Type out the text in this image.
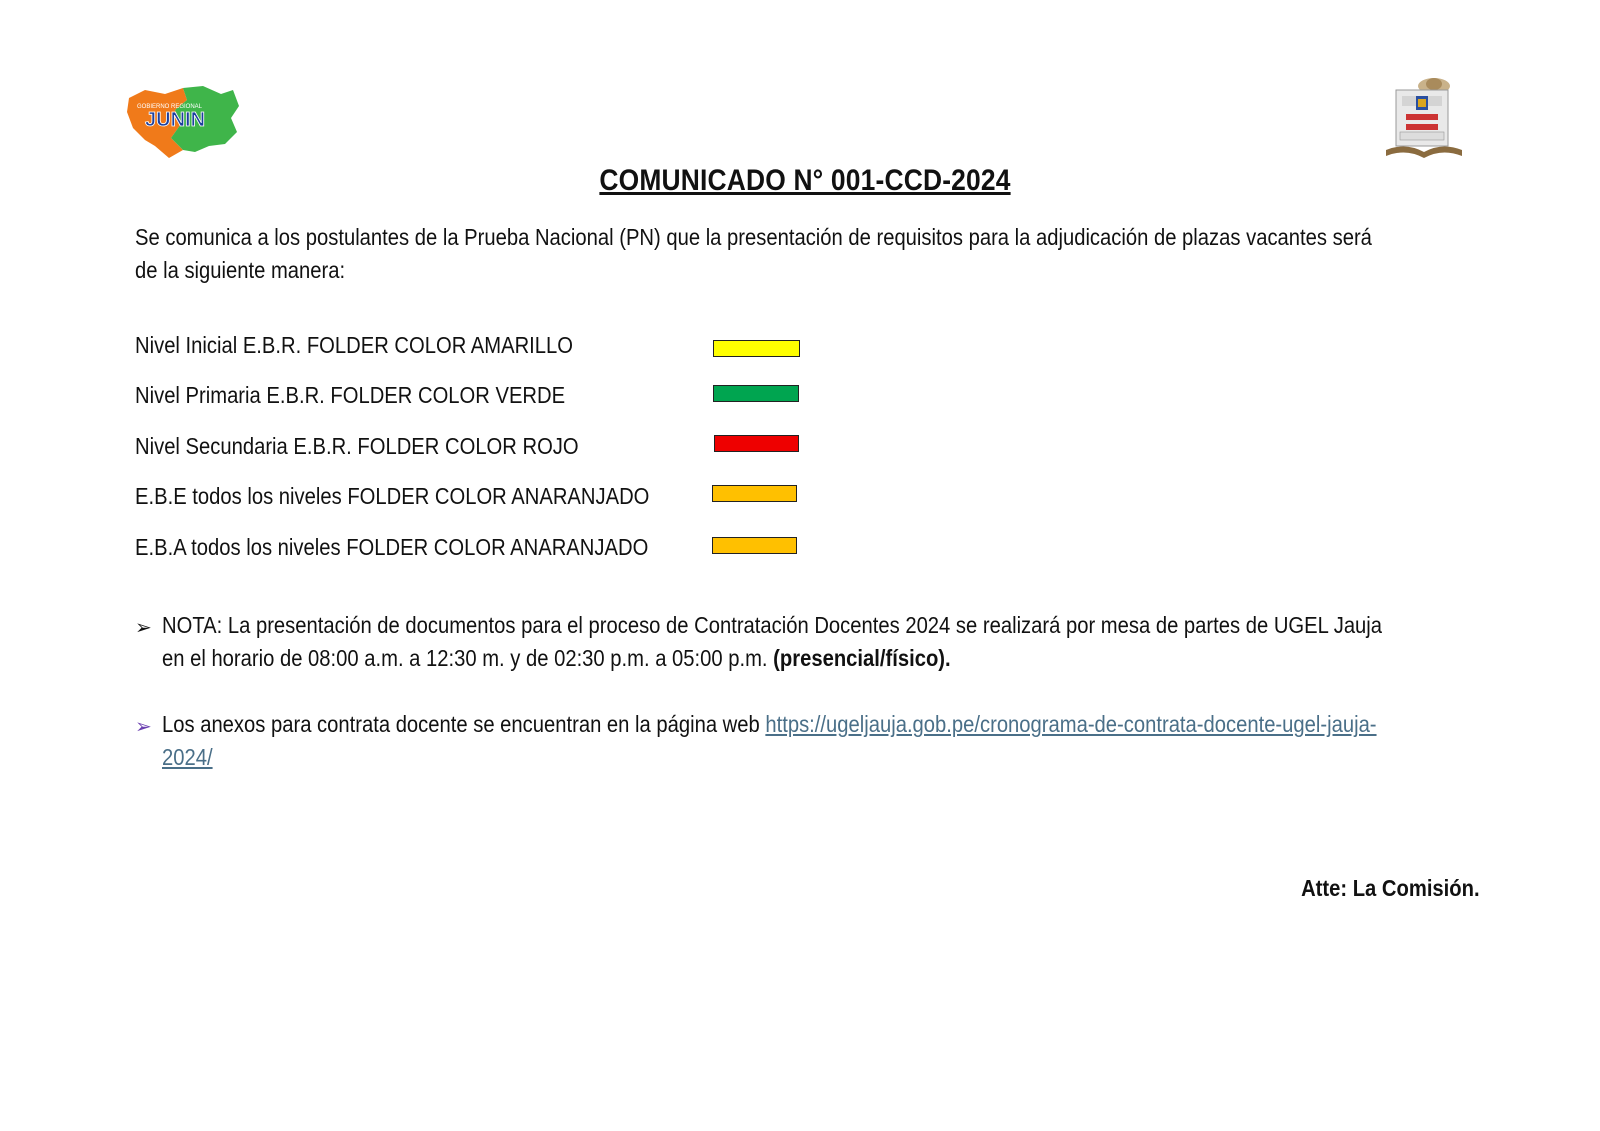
GOBIERNO REGIONAL
JUNIN
COMUNICADO N° 001-CCD-2024
Se comunica a los postulantes de la Prueba Nacional (PN) que la presentación de requisitos para la adjudicación de plazas vacantes será
de la siguiente manera:
Nivel Inicial E.B.R. FOLDER COLOR AMARILLO
Nivel Primaria E.B.R. FOLDER COLOR VERDE
Nivel Secundaria E.B.R. FOLDER COLOR ROJO
E.B.E todos los niveles FOLDER COLOR ANARANJADO
E.B.A todos los niveles FOLDER COLOR ANARANJADO
➢ NOTA: La presentación de documentos para el proceso de Contratación Docentes 2024 se realizará por mesa de partes de UGEL Jauja
en el horario de 08:00 a.m. a 12:30 m. y de 02:30 p.m. a 05:00 p.m. (presencial/físico).
➢ Los anexos para contrata docente se encuentran en la página web https://ugeljauja.gob.pe/cronograma-de-contrata-docente-ugel-jauja-
2024/
Atte: La Comisión.
